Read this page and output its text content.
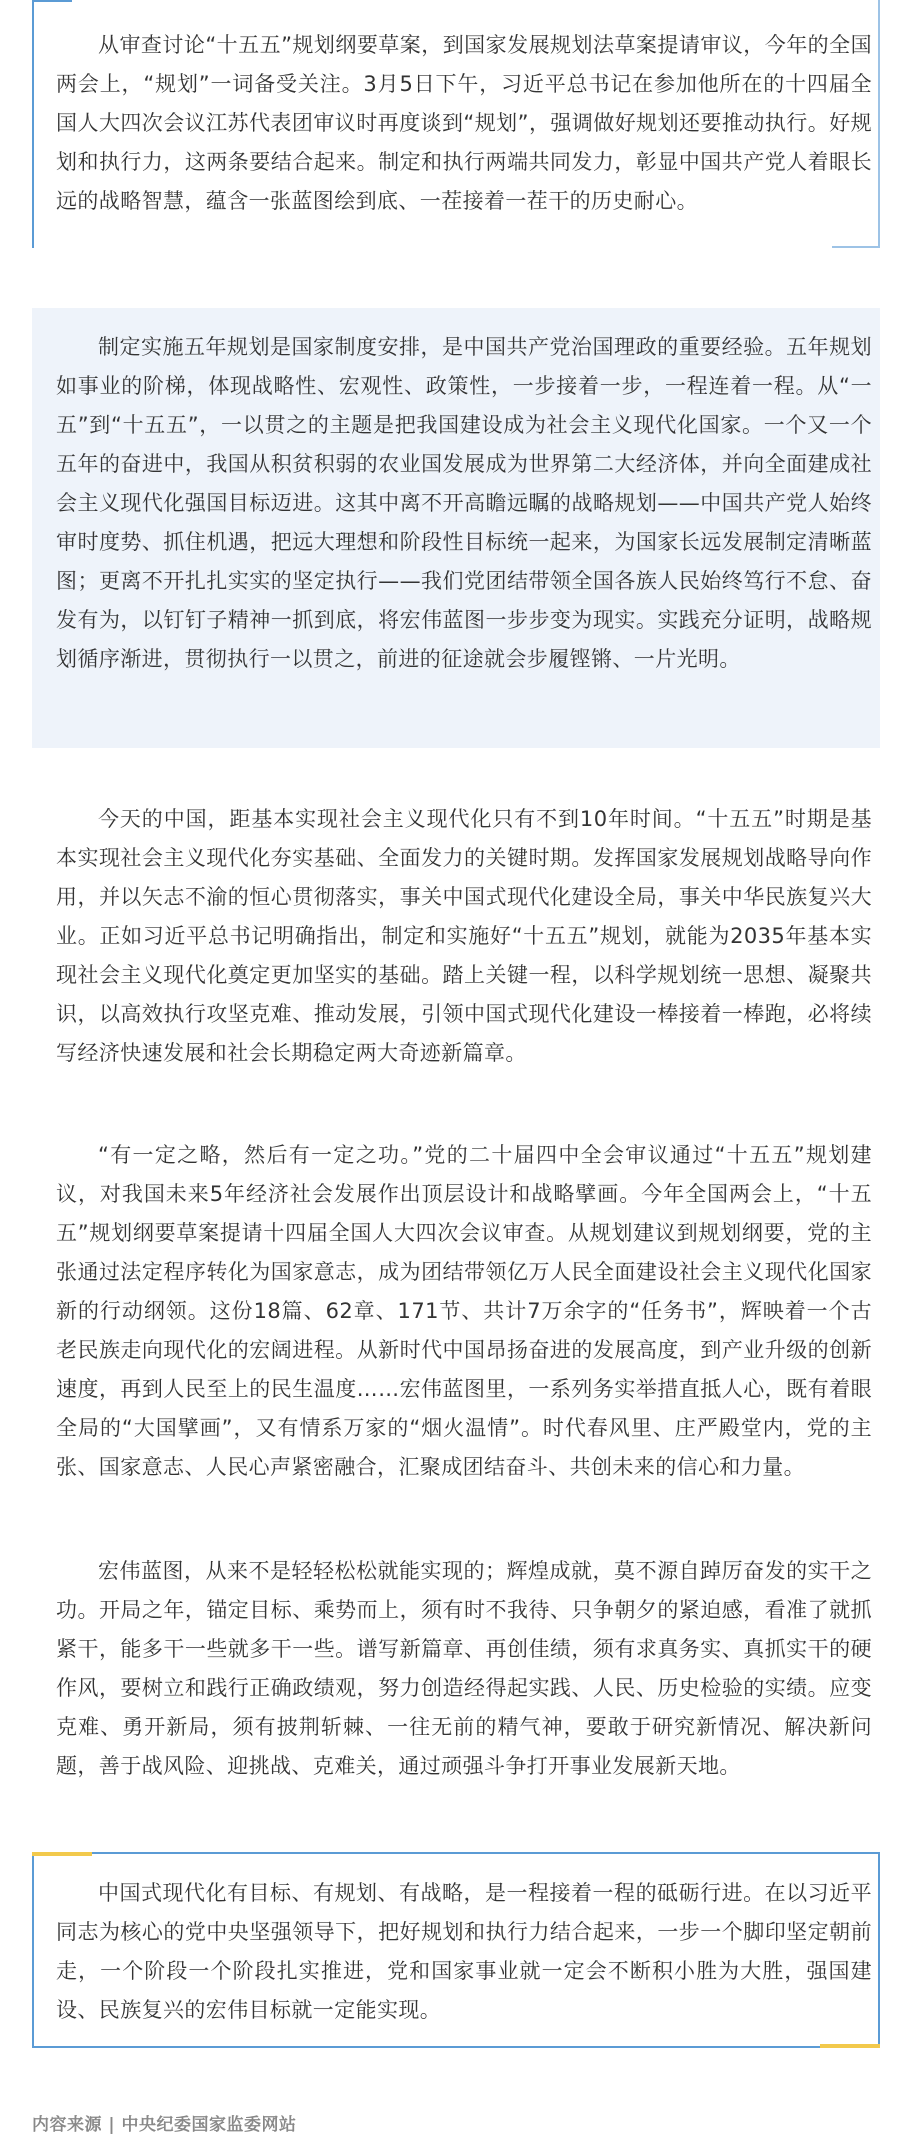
从审查讨论“十五五”规划纲要草案，到国家发展规划法草案提请审议，今年的全国两会上，“规划”一词备受关注。3月5日下午，习近平总书记在参加他所在的十四届全国人大四次会议江苏代表团审议时再度谈到“规划”，强调做好规划还要推动执行。好规划和执行力，这两条要结合起来。制定和执行两端共同发力，彰显中国共产党人着眼长远的战略智慧，蕴含一张蓝图绘到底、一茬接着一茬干的历史耐心。

制定实施五年规划是国家制度安排，是中国共产党治国理政的重要经验。五年规划如事业的阶梯，体现战略性、宏观性、政策性，一步接着一步，一程连着一程。从“一五”到“十五五”，一以贯之的主题是把我国建设成为社会主义现代化国家。一个又一个五年的奋进中，我国从积贫积弱的农业国发展成为世界第二大经济体，并向全面建成社会主义现代化强国目标迈进。这其中离不开高瞻远瞩的战略规划——中国共产党人始终审时度势、抓住机遇，把远大理想和阶段性目标统一起来，为国家长远发展制定清晰蓝图；更离不开扎扎实实的坚定执行——我们党团结带领全国各族人民始终笃行不怠、奋发有为，以钉钉子精神一抓到底，将宏伟蓝图一步步变为现实。实践充分证明，战略规划循序渐进，贯彻执行一以贯之，前进的征途就会步履铿锵、一片光明。

今天的中国，距基本实现社会主义现代化只有不到10年时间。“十五五”时期是基本实现社会主义现代化夯实基础、全面发力的关键时期。发挥国家发展规划战略导向作用，并以矢志不渝的恒心贯彻落实，事关中国式现代化建设全局，事关中华民族复兴大业。正如习近平总书记明确指出，制定和实施好“十五五”规划，就能为2035年基本实现社会主义现代化奠定更加坚实的基础。踏上关键一程，以科学规划统一思想、凝聚共识，以高效执行攻坚克难、推动发展，引领中国式现代化建设一棒接着一棒跑，必将续写经济快速发展和社会长期稳定两大奇迹新篇章。

“有一定之略，然后有一定之功。”党的二十届四中全会审议通过“十五五”规划建议，对我国未来5年经济社会发展作出顶层设计和战略擘画。今年全国两会上，“十五五”规划纲要草案提请十四届全国人大四次会议审查。从规划建议到规划纲要，党的主张通过法定程序转化为国家意志，成为团结带领亿万人民全面建设社会主义现代化国家新的行动纲领。这份18篇、62章、171节、共计7万余字的“任务书”，辉映着一个古老民族走向现代化的宏阔进程。从新时代中国昂扬奋进的发展高度，到产业升级的创新速度，再到人民至上的民生温度……宏伟蓝图里，一系列务实举措直抵人心，既有着眼全局的“大国擘画”，又有情系万家的“烟火温情”。时代春风里、庄严殿堂内，党的主张、国家意志、人民心声紧密融合，汇聚成团结奋斗、共创未来的信心和力量。

宏伟蓝图，从来不是轻轻松松就能实现的；辉煌成就，莫不源自踔厉奋发的实干之功。开局之年，锚定目标、乘势而上，须有时不我待、只争朝夕的紧迫感，看准了就抓紧干，能多干一些就多干一些。谱写新篇章、再创佳绩，须有求真务实、真抓实干的硬作风，要树立和践行正确政绩观，努力创造经得起实践、人民、历史检验的实绩。应变克难、勇开新局，须有披荆斩棘、一往无前的精气神，要敢于研究新情况、解决新问题，善于战风险、迎挑战、克难关，通过顽强斗争打开事业发展新天地。

中国式现代化有目标、有规划、有战略，是一程接着一程的砥砺行进。在以习近平同志为核心的党中央坚强领导下，把好规划和执行力结合起来，一步一个脚印坚定朝前走，一个阶段一个阶段扎实推进，党和国家事业就一定会不断积小胜为大胜，强国建设、民族复兴的宏伟目标就一定能实现。

内容来源 | 中央纪委国家监委网站
